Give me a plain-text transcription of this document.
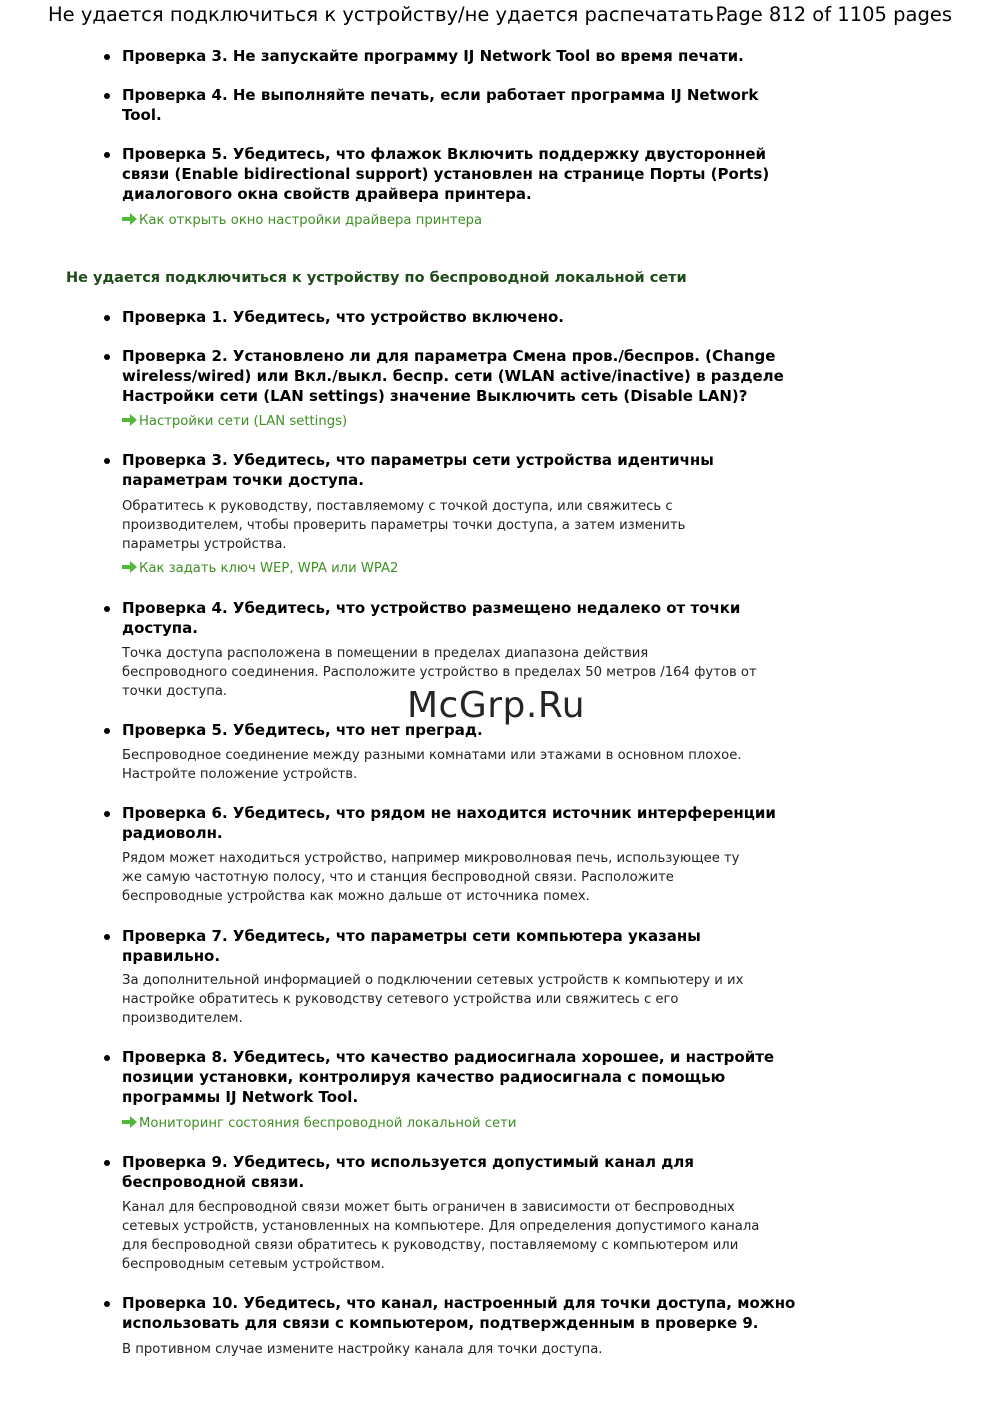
Не удается подключиться к устройству/не удается распечатать ...
Page 812 of 1105 pages
Проверка 3. Не запускайте программу IJ Network Tool во время печати.
Проверка 4. Не выполняйте печать, если работает программа IJ Network
Tool.
Проверка 5. Убедитесь, что флажок Включить поддержку двусторонней
связи (Enable bidirectional support) установлен на странице Порты (Ports)
диалогового окна свойств драйвера принтера.
Как открыть окно настройки драйвера принтера
Не удается подключиться к устройству по беспроводной локальной сети
Проверка 1. Убедитесь, что устройство включено.
Проверка 2. Установлено ли для параметра Смена пров./беспров. (Change
wireless/wired) или Вкл./выкл. беспр. сети (WLAN active/inactive) в разделе
Настройки сети (LAN settings) значение Выключить сеть (Disable LAN)?
Настройки сети (LAN settings)
Проверка 3. Убедитесь, что параметры сети устройства идентичны
параметрам точки доступа.
Обратитесь к руководству, поставляемому с точкой доступа, или свяжитесь с
производителем, чтобы проверить параметры точки доступа, а затем изменить
параметры устройства.
Как задать ключ WEP, WPA или WPA2
Проверка 4. Убедитесь, что устройство размещено недалеко от точки
доступа.
Точка доступа расположена в помещении в пределах диапазона действия
беспроводного соединения. Расположите устройство в пределах 50 метров /164 футов от
точки доступа.
Проверка 5. Убедитесь, что нет преград.
Беспроводное соединение между разными комнатами или этажами в основном плохое.
Настройте положение устройств.
Проверка 6. Убедитесь, что рядом не находится источник интерференции
радиоволн.
Рядом может находиться устройство, например микроволновая печь, использующее ту
же самую частотную полосу, что и станция беспроводной связи. Расположите
беспроводные устройства как можно дальше от источника помех.
Проверка 7. Убедитесь, что параметры сети компьютера указаны
правильно.
За дополнительной информацией о подключении сетевых устройств к компьютеру и их
настройке обратитесь к руководству сетевого устройства или свяжитесь с его
производителем.
Проверка 8. Убедитесь, что качество радиосигнала хорошее, и настройте
позиции установки, контролируя качество радиосигнала с помощью
программы IJ Network Tool.
Мониторинг состояния беспроводной локальной сети
Проверка 9. Убедитесь, что используется допустимый канал для
беспроводной связи.
Канал для беспроводной связи может быть ограничен в зависимости от беспроводных
сетевых устройств, установленных на компьютере. Для определения допустимого канала
для беспроводной связи обратитесь к руководству, поставляемому с компьютером или
беспроводным сетевым устройством.
Проверка 10. Убедитесь, что канал, настроенный для точки доступа, можно
использовать для связи с компьютером, подтвержденным в проверке 9.
В противном случае измените настройку канала для точки доступа.
McGrp.Ru
